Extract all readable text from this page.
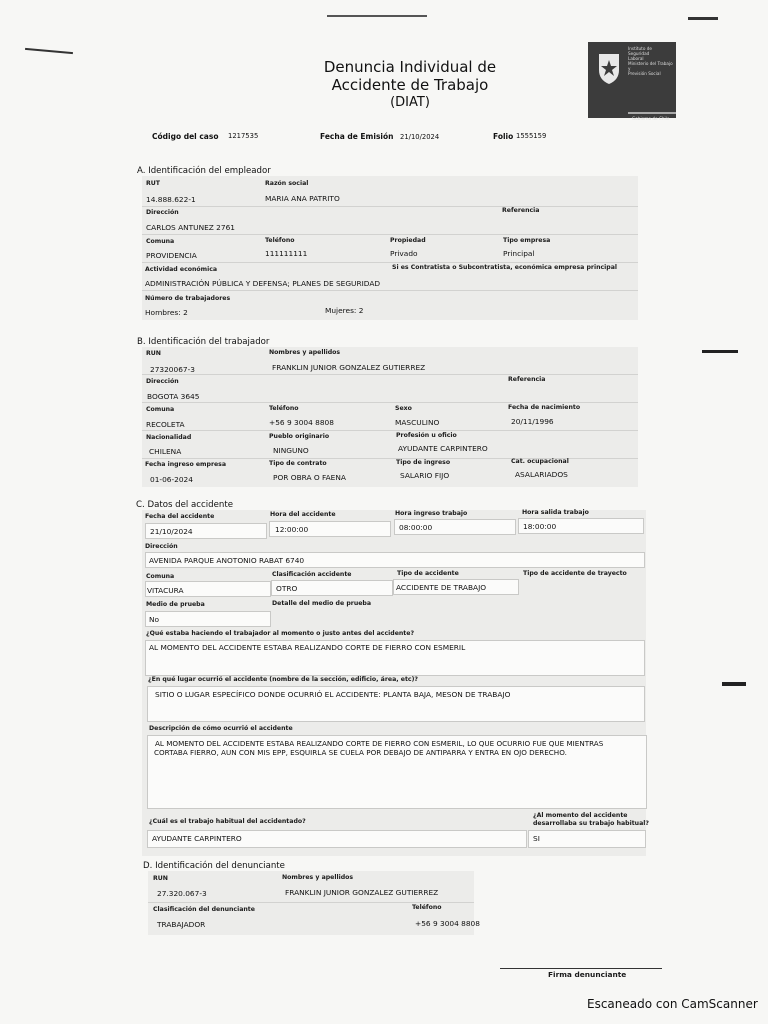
Denuncia Individual de
Accidente de Trabajo
(DIAT)
Instituto de
Seguridad
Laboral
Ministerio del Trabajo y
Previsión Social
Gobierno de Chile
Código del caso 1217535	Fecha de Emisión 21/10/2024	Folio 1555159
A. Identificación del empleador
RUT
14.888.622-1
Razón social
MARIA ANA PATRITO
Dirección	Referencia
CARLOS ANTUNEZ 2761
Comuna
PROVIDENCIA
Teléfono
111111111
Propiedad
Privado
Tipo empresa
Principal
Actividad económica	Si es Contratista o Subcontratista, económica empresa principal
ADMINISTRACIÓN PÚBLICA Y DEFENSA; PLANES DE SEGURIDAD
Número de trabajadores
Hombres: 2	Mujeres: 2
B. Identificación del trabajador
RUN
27320067-3
Nombres y apellidos
FRANKLIN JUNIOR GONZALEZ GUTIERREZ
Dirección	Referencia
BOGOTA 3645
Comuna
RECOLETA
Teléfono
+56 9 3004 8808
Sexo
MASCULINO
Fecha de nacimiento
20/11/1996
Nacionalidad
CHILENA
Pueblo originario
NINGUNO
Profesión u oficio
AYUDANTE CARPINTERO
Fecha ingreso empresa
01-06-2024
Tipo de contrato
POR OBRA O FAENA
Tipo de ingreso
SALARIO FIJO
Cat. ocupacional
ASALARIADOS
C. Datos del accidente
Fecha del accidente
21/10/2024
Hora del accidente
12:00:00
Hora ingreso trabajo
08:00:00
Hora salida trabajo
18:00:00
Dirección
AVENIDA PARQUE ANOTONIO RABAT 6740
Comuna
VITACURA
Clasificación accidente
OTRO
Tipo de accidente
ACCIDENTE DE TRABAJO
Tipo de accidente de trayecto
Medio de prueba
No
Detalle del medio de prueba
¿Qué estaba haciendo el trabajador al momento o justo antes del accidente?
AL MOMENTO DEL ACCIDENTE ESTABA REALIZANDO CORTE DE FIERRO CON ESMERIL
¿En qué lugar ocurrió el accidente (nombre de la sección, edificio, área, etc)?
SITIO O LUGAR ESPECÍFICO DONDE OCURRIÓ EL ACCIDENTE: PLANTA BAJA, MESON DE TRABAJO
Descripción de cómo ocurrió el accidente
AL MOMENTO DEL ACCIDENTE ESTABA REALIZANDO CORTE DE FIERRO CON ESMERIL, LO QUE OCURRIO FUE QUE MIENTRAS
CORTABA FIERRO, AUN CON MIS EPP, ESQUIRLA SE CUELA POR DEBAJO DE ANTIPARRA Y ENTRA EN OJO DERECHO.
¿Cuál es el trabajo habitual del accidentado?
AYUDANTE CARPINTERO
¿Al momento del accidente
desarrollaba su trabajo habitual?
SI
D. Identificación del denunciante
RUN
27.320.067-3
Nombres y apellidos
FRANKLIN JUNIOR GONZALEZ GUTIERREZ
Clasificación del denunciante
TRABAJADOR
Teléfono
+56 9 3004 8808
Firma denunciante
Escaneado con CamScanner
